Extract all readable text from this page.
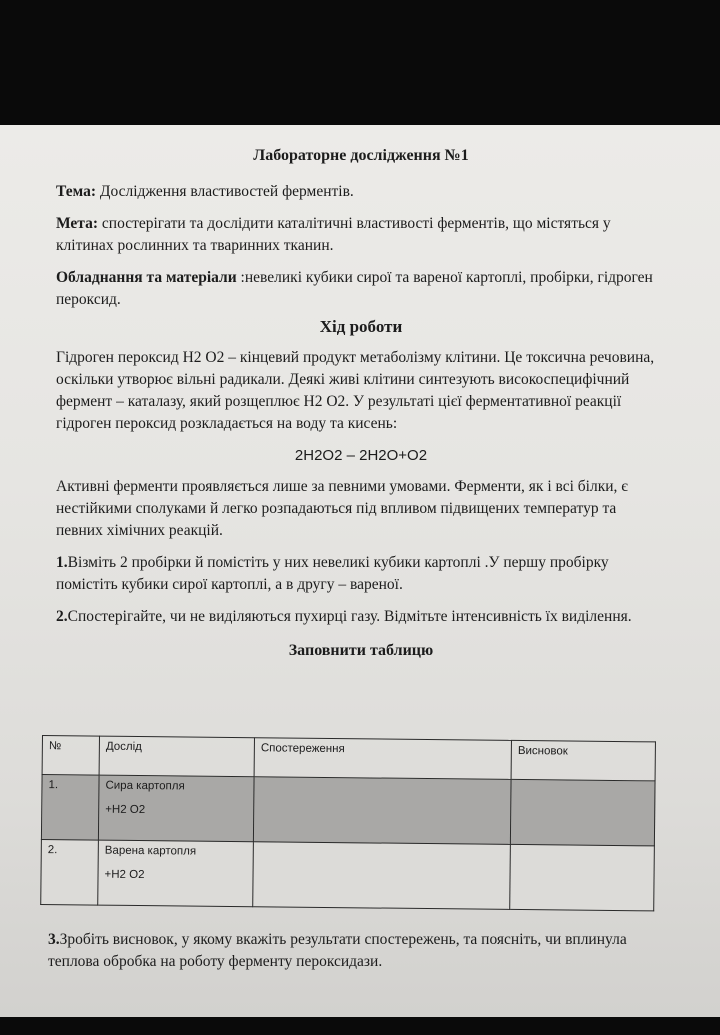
Лабораторне дослідження №1

Тема: Дослідження властивостей ферментів.

Мета: спостерігати та дослідити каталітичні властивості ферментів, що містяться у клітинах рослинних та тваринних тканин.

Обладнання та матеріали :невеликі кубики сирої та вареної картоплі, пробірки, гідроген пероксид.

Хід роботи

Гідроген пероксид H2 O2 – кінцевий продукт метаболізму клітини. Це токсична речовина, оскільки утворює вільні радикали. Деякі живі клітини синтезують високоспецифічний фермент – каталазу, який розщеплює H2 O2. У результаті цієї ферментативної реакції гідроген пероксид розкладається на воду та кисень:

2H2O2 – 2H2O+O2

Активні ферменти проявляється лише за певними умовами. Ферменти, як і всі білки, є нестійкими сполуками й легко розпадаються під впливом підвищених температур та певних хімічних реакцій.

1.Візміть 2 пробірки й помістіть у них невеликі кубики картоплі .У першу пробірку помістіть кубики сирої картоплі, а в другу – вареної.

2.Спостерігайте, чи не виділяються пухирці газу. Відмітьте інтенсивність їх виділення.

Заповнити таблицю
№	Дослід	Спостереження	Висновок
1.	Сира картопля
+H2 O2		

2.	Варена картопля
+H2 O2		

3.Зробіть висновок, у якому вкажіть результати спостережень, та поясніть, чи вплинула теплова обробка на роботу ферменту пероксидази.
